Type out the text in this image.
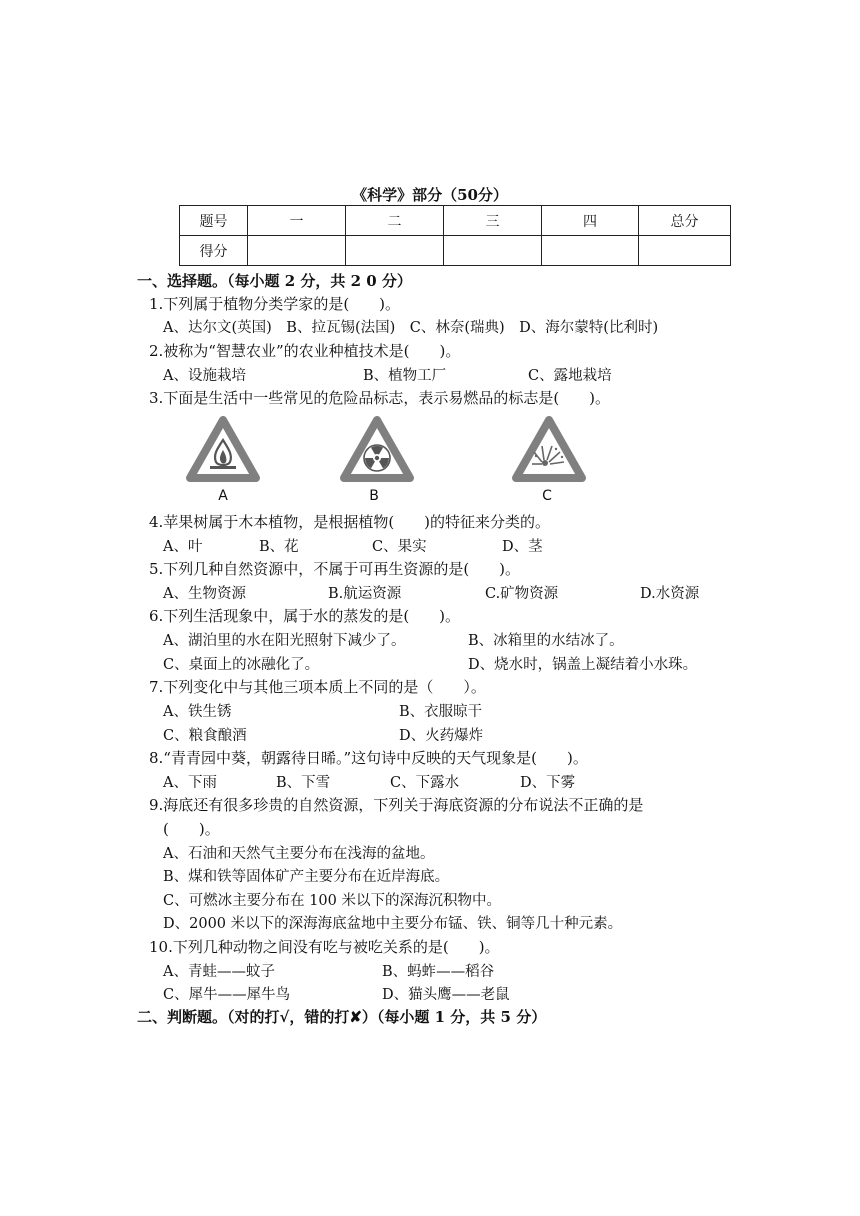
《科学》部分（50分）
题号	一	二	三	四	总分
得分					
一、选择题。（每小题 2 分，共 2 0 分）
1.下列属于植物分类学家的是(　　)。
A、达尔文(英国)　B、拉瓦锡(法国)　C、林奈(瑞典)　D、海尔蒙特(比利时)
2.被称为“智慧农业”的农业种植技术是(　　)。
A、设施栽培	B、植物工厂	C、露地栽培
3.下面是生活中一些常见的危险品标志，表示易燃品的标志是(　　)。
A	B	C
4.苹果树属于木本植物，是根据植物(　　)的特征来分类的。
A、叶	B、花	C、果实	D、茎
5.下列几种自然资源中，不属于可再生资源的是(　　)。
A、生物资源	B.航运资源	C.矿物资源	D.水资源
6.下列生活现象中，属于水的蒸发的是(　　)。
A、湖泊里的水在阳光照射下减少了。	B、冰箱里的水结冰了。
C、桌面上的冰融化了。	D、烧水时，锅盖上凝结着小水珠。
7.下列变化中与其他三项本质上不同的是（　　）。
A、铁生锈	B、衣服晾干
C、粮食酿酒	D、火药爆炸
8.“青青园中葵，朝露待日晞。”这句诗中反映的天气现象是(　　)。
A、下雨	B、下雪	C、下露水	D、下雾
9.海底还有很多珍贵的自然资源，下列关于海底资源的分布说法不正确的是
(　　)。
A、石油和天然气主要分布在浅海的盆地。
B、煤和铁等固体矿产主要分布在近岸海底。
C、可燃冰主要分布在 100 米以下的深海沉积物中。
D、2000 米以下的深海海底盆地中主要分布锰、铁、铜等几十种元素。
10.下列几种动物之间没有吃与被吃关系的是(　　)。
A、青蛙——蚊子	B、蚂蚱——稻谷
C、犀牛——犀牛鸟	D、猫头鹰——老鼠
二、判断题。（对的打√，错的打✘）（每小题 1 分，共 5 分）
